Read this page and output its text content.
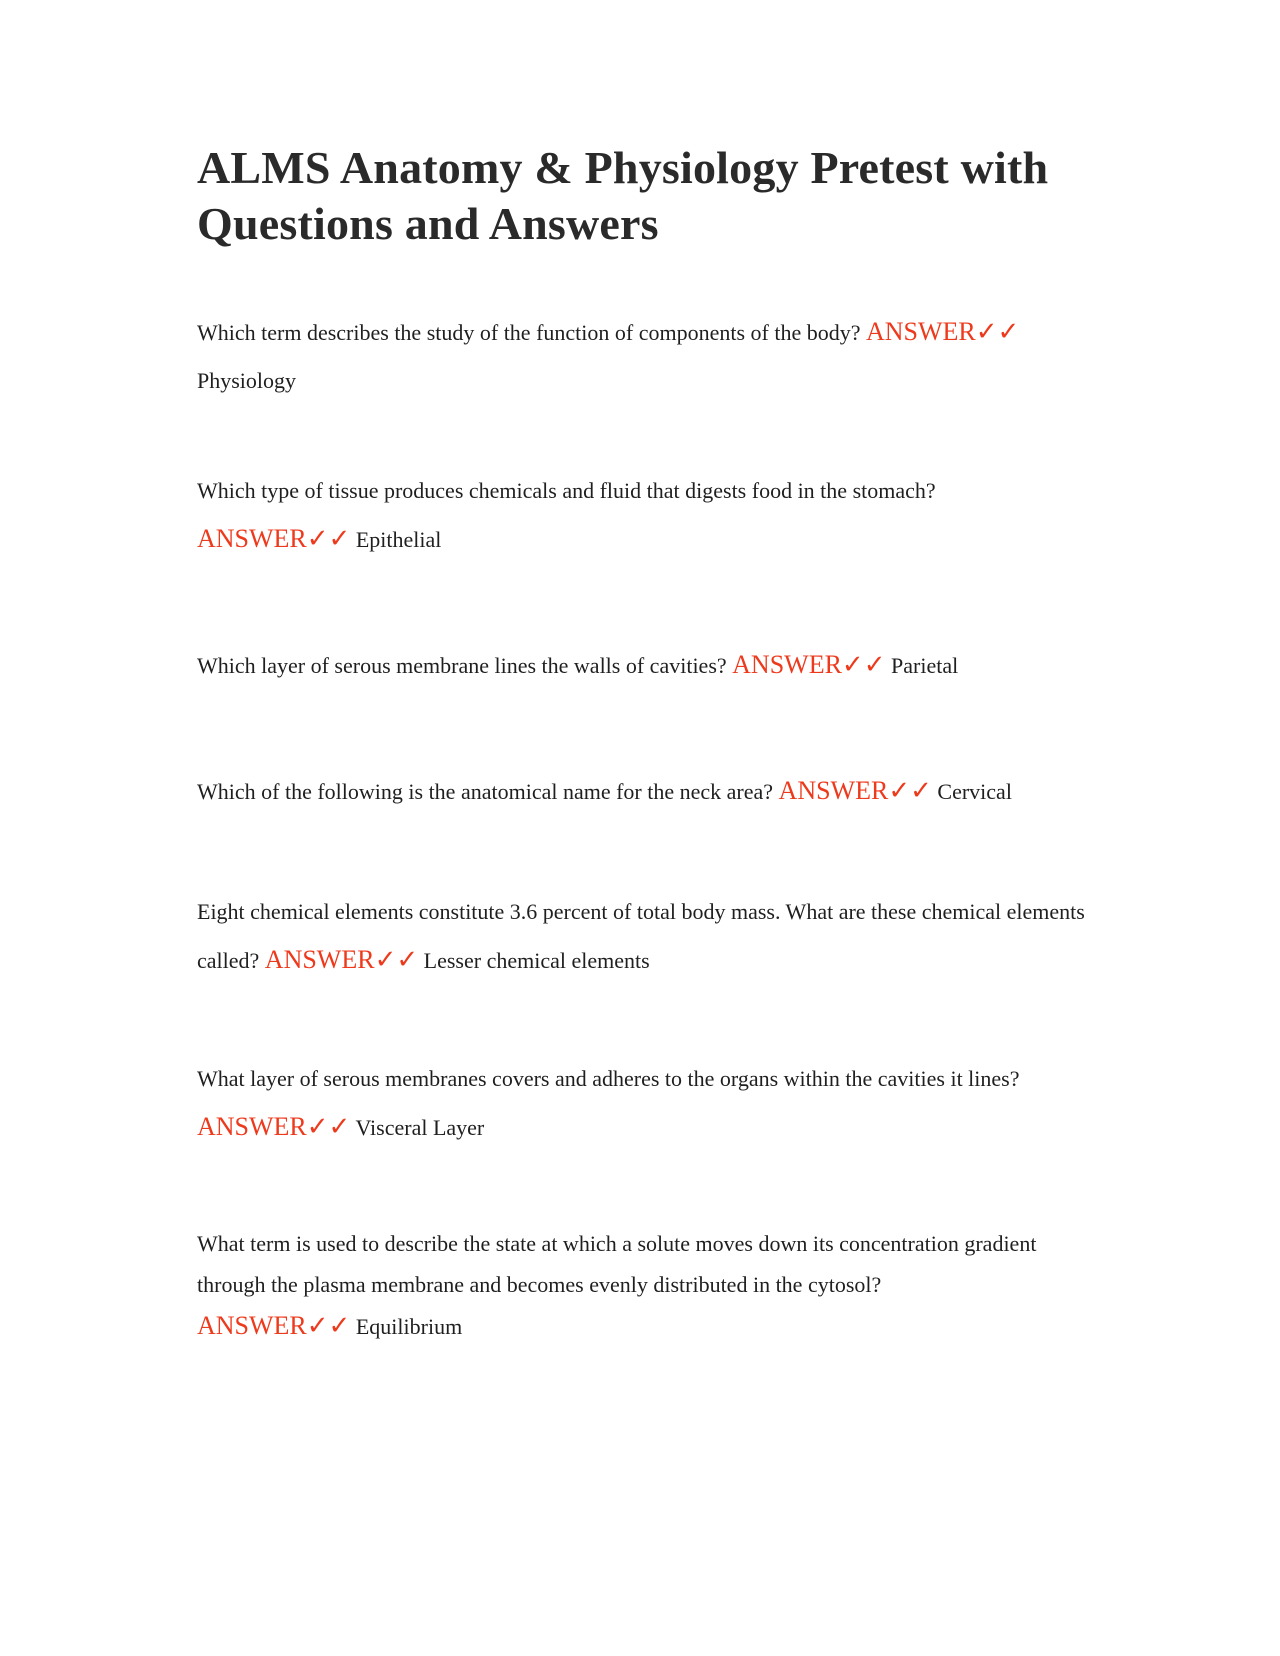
ALMS Anatomy & Physiology Pretest with Questions and Answers

Which term describes the study of the function of components of the body? ANSWER✓✓
Physiology

Which type of tissue produces chemicals and fluid that digests food in the stomach?
ANSWER✓✓ Epithelial

Which layer of serous membrane lines the walls of cavities? ANSWER✓✓ Parietal

Which of the following is the anatomical name for the neck area? ANSWER✓✓ Cervical

Eight chemical elements constitute 3.6 percent of total body mass. What are these chemical elements called? ANSWER✓✓ Lesser chemical elements

What layer of serous membranes covers and adheres to the organs within the cavities it lines?
ANSWER✓✓ Visceral Layer

What term is used to describe the state at which a solute moves down its concentration gradient through the plasma membrane and becomes evenly distributed in the cytosol?
ANSWER✓✓ Equilibrium
